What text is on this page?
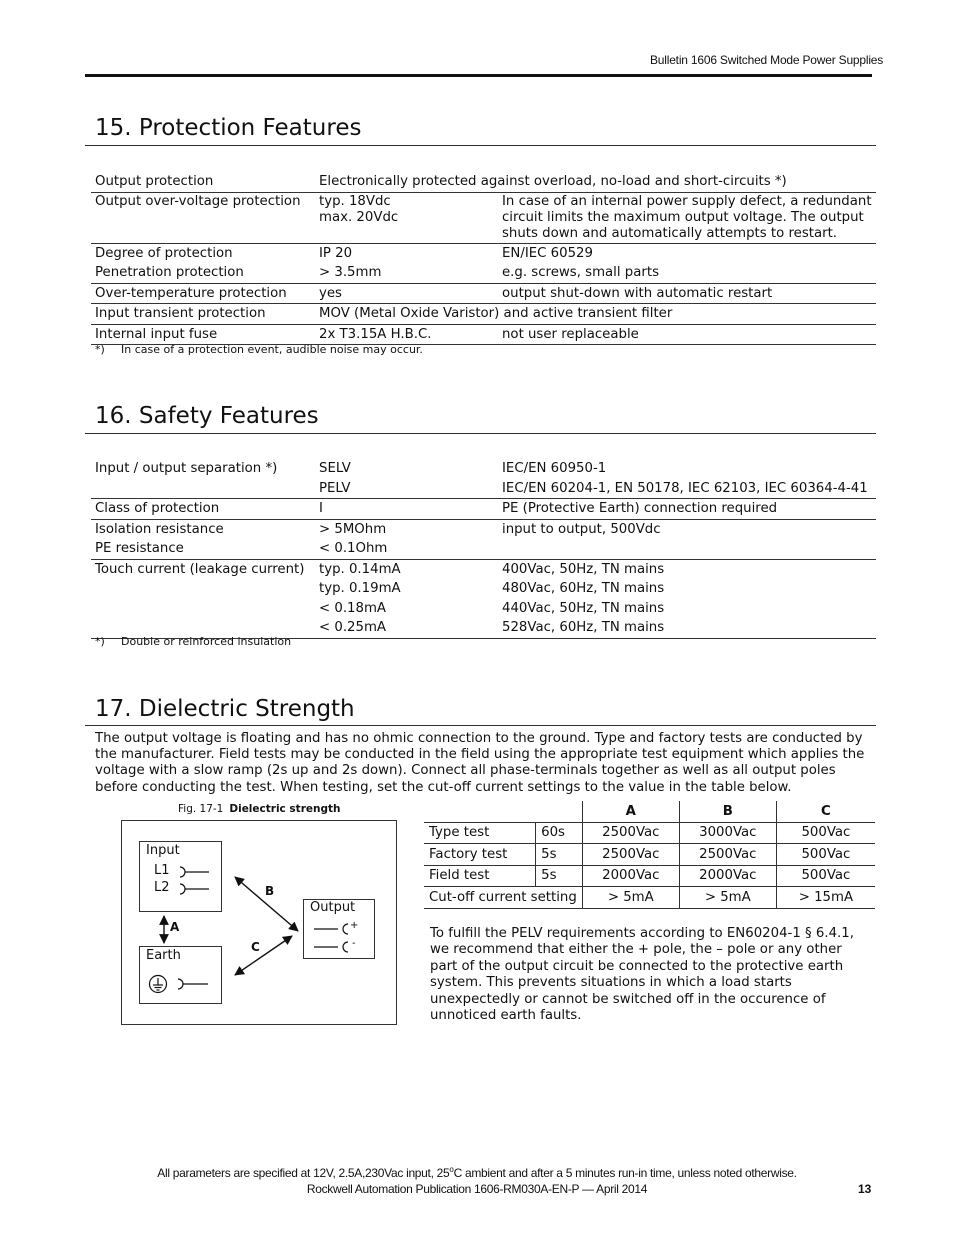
Bulletin 1606 Switched Mode Power Supplies
15. Protection Features
Output protection	Electronically protected against overload, no-load and short-circuits *)	
Output over-voltage protection	typ. 18Vdc	In case of an internal power supply defect, a redundant
	max. 20Vdc	circuit limits the maximum output voltage. The output
		shuts down and automatically attempts to restart.
Degree of protection	IP 20	EN/IEC 60529
Penetration protection	> 3.5mm	e.g. screws, small parts
Over-temperature protection	yes	output shut-down with automatic restart
Input transient protection	MOV (Metal Oxide Varistor) and active transient filter	
Internal input fuse	2x T3.15A H.B.C.	not user replaceable
*) In case of a protection event, audible noise may occur.
16. Safety Features
Input / output separation *)	SELV	IEC/EN 60950-1
	PELV	IEC/EN 60204-1, EN 50178, IEC 62103, IEC 60364-4-41
Class of protection	I	PE (Protective Earth) connection required
Isolation resistance	> 5MOhm	input to output, 500Vdc
PE resistance	< 0.1Ohm	
Touch current (leakage current)	typ. 0.14mA	400Vac, 50Hz, TN mains
	typ. 0.19mA	480Vac, 60Hz, TN mains
	< 0.18mA	440Vac, 50Hz, TN mains
	< 0.25mA	528Vac, 60Hz, TN mains
*) Double or reinforced insulation
17. Dielectric Strength

The output voltage is floating and has no ohmic connection to the ground. Type and factory tests are conducted by the manufacturer. Field tests may be conducted in the field using the appropriate test equipment which applies the voltage with a slow ramp (2s up and 2s down). Connect all phase-terminals together as well as all output poles before conducting the test. When testing, set the cut-off current settings to the value in the table below.

Fig. 17-1 Dielectric strength
Input
L1
L2
Earth
Output
+
-
A
B
C
		A	B	C
Type test	60s	2500Vac	3000Vac	500Vac
Factory test	5s	2500Vac	2500Vac	500Vac
Field test	5s	2000Vac	2000Vac	500Vac
Cut-off current setting		> 5mA	> 5mA	> 15mA

To fulfill the PELV requirements according to EN60204-1 § 6.4.1, we recommend that either the + pole, the – pole or any other part of the output circuit be connected to the protective earth system. This prevents situations in which a load starts unexpectedly or cannot be switched off in the occurence of unnoticed earth faults.

All parameters are specified at 12V, 2.5A,230Vac input, 25$^o$C ambient and after a 5 minutes run-in time, unless noted otherwise.
Rockwell Automation Publication 1606-RM030A-EN-P — April 2014	13
